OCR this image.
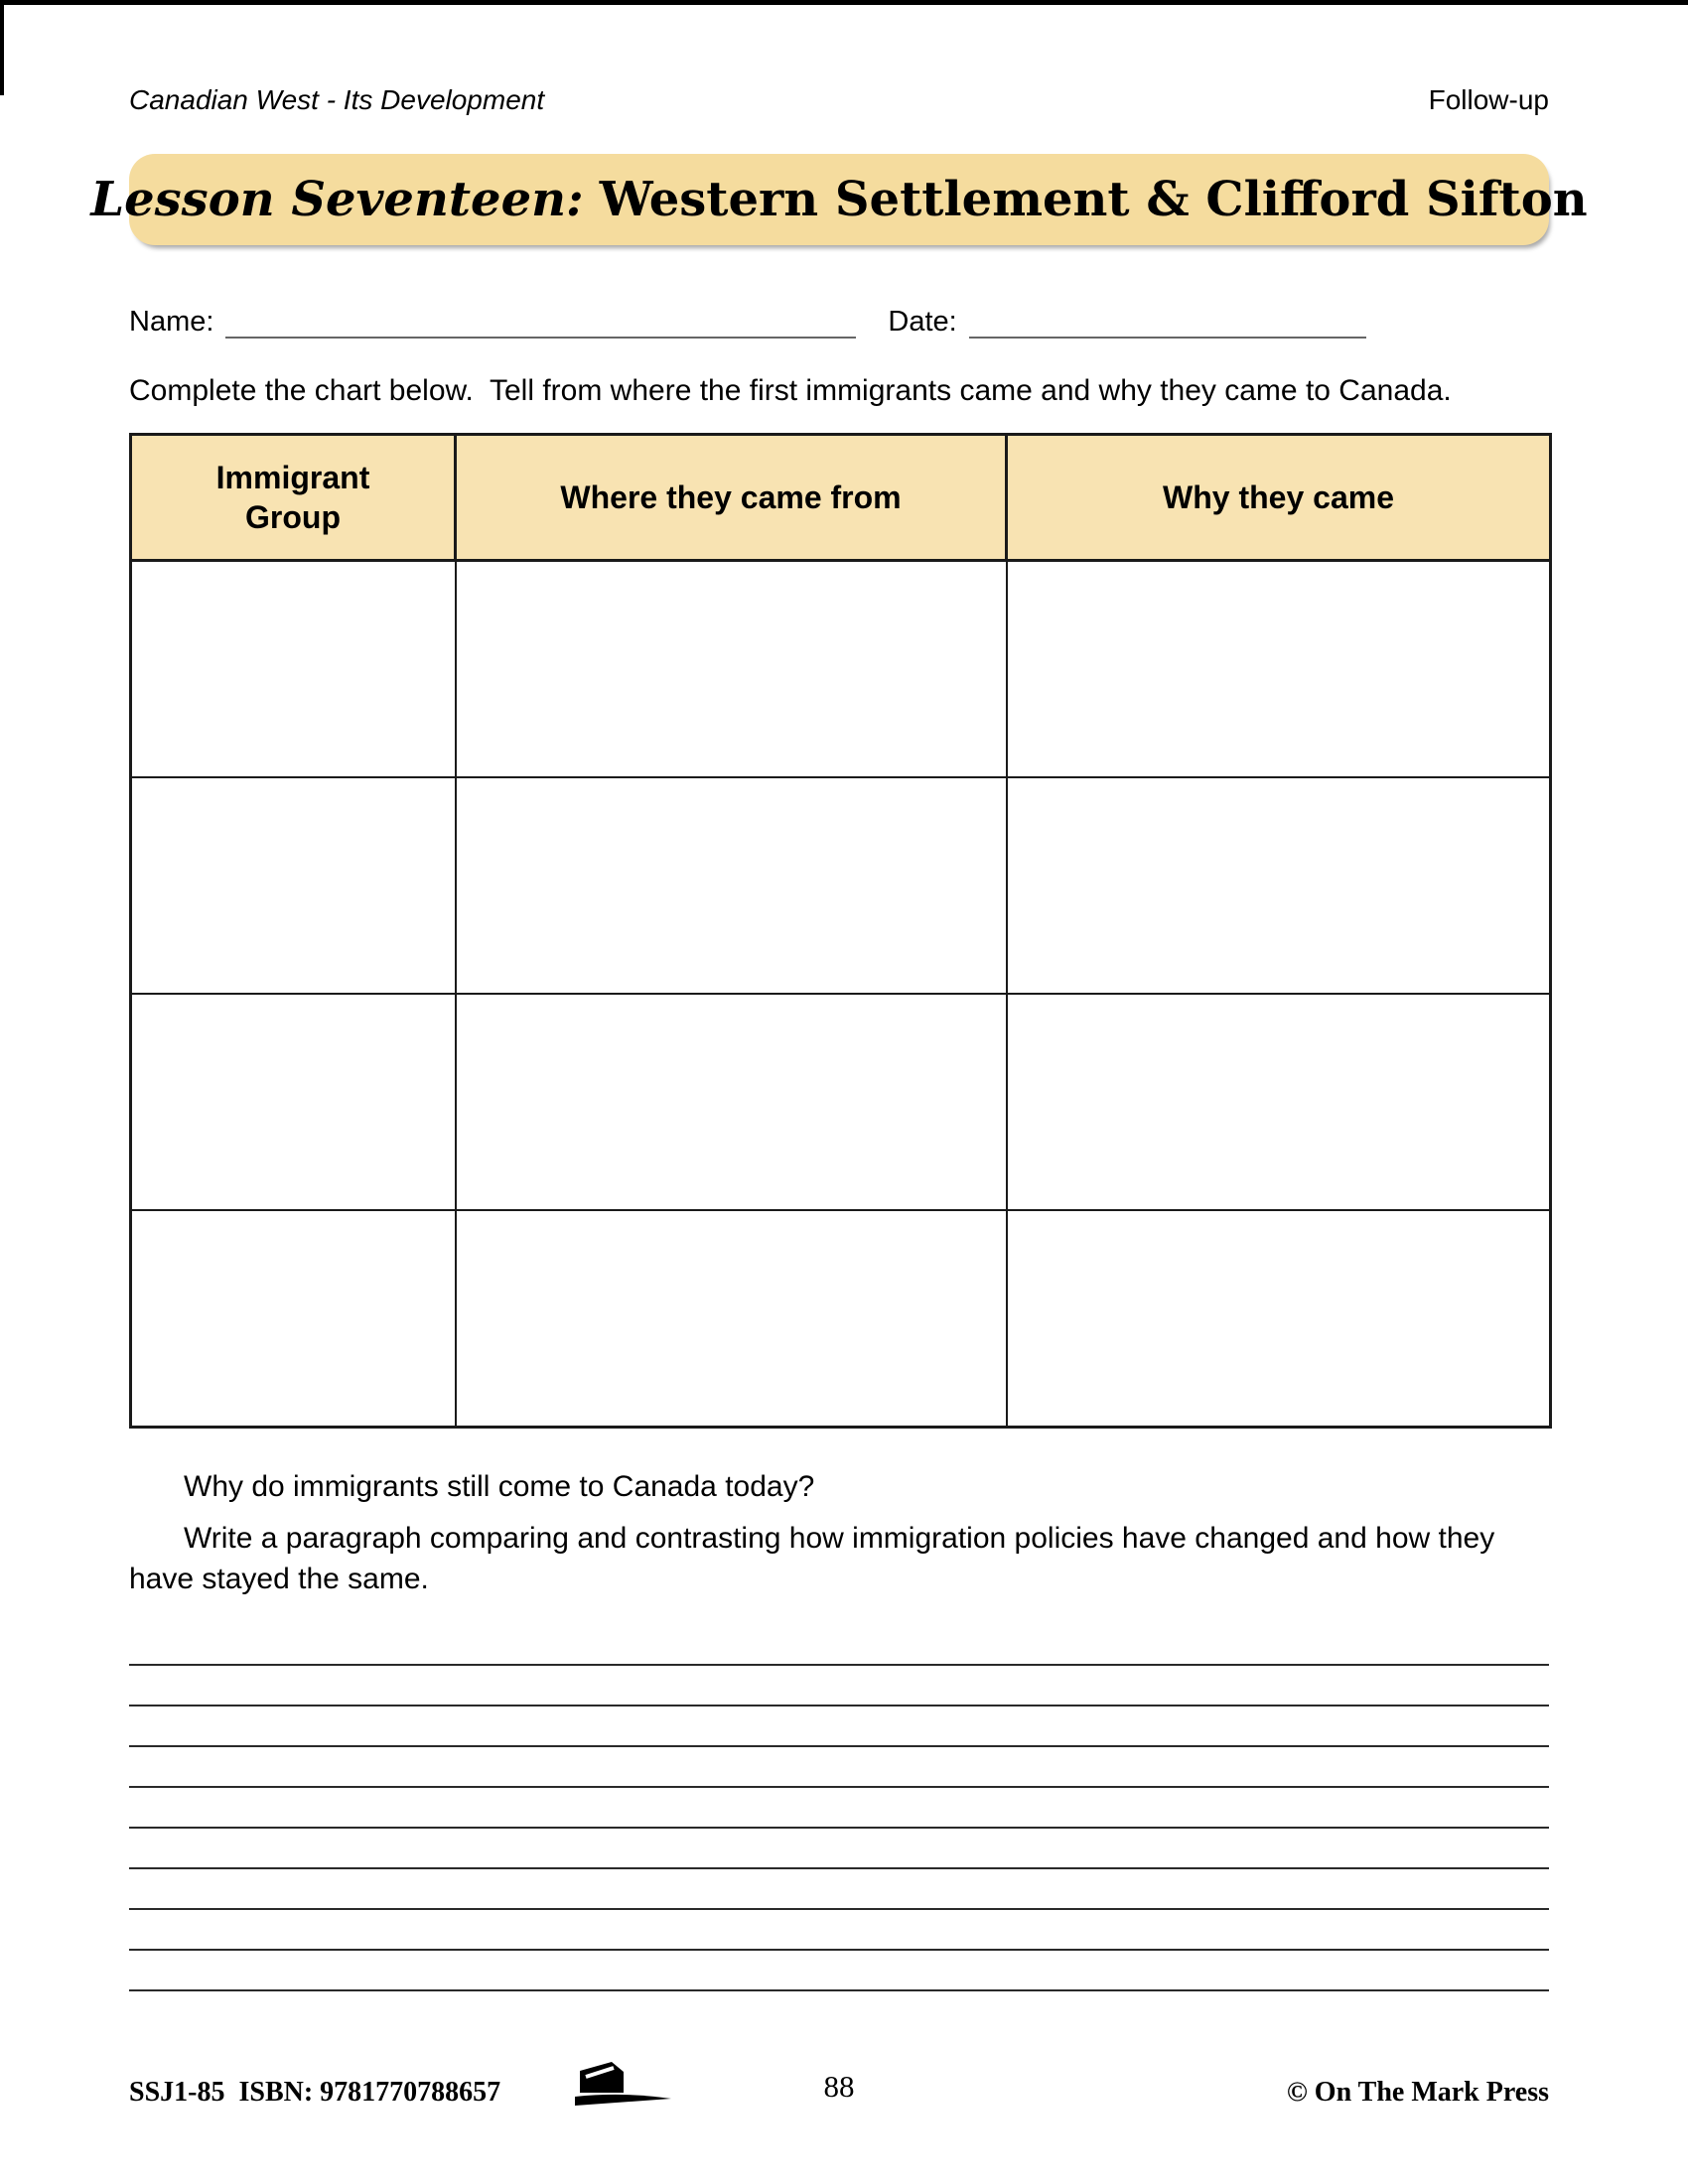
Canadian West - Its Development	Follow-up
Lesson Seventeen: Western Settlement & Clifford Sifton
Name:	Date:

Complete the chart below.  Tell from where the first immigrants came and why they came to Canada.

Immigrant Group	Where they came from	Why they came

Why do immigrants still come to Canada today?

Write a paragraph comparing and contrasting how immigration policies have changed and how they have stayed the same.

SSJ1-85  ISBN: 9781770788657

	88	© On The Mark Press
